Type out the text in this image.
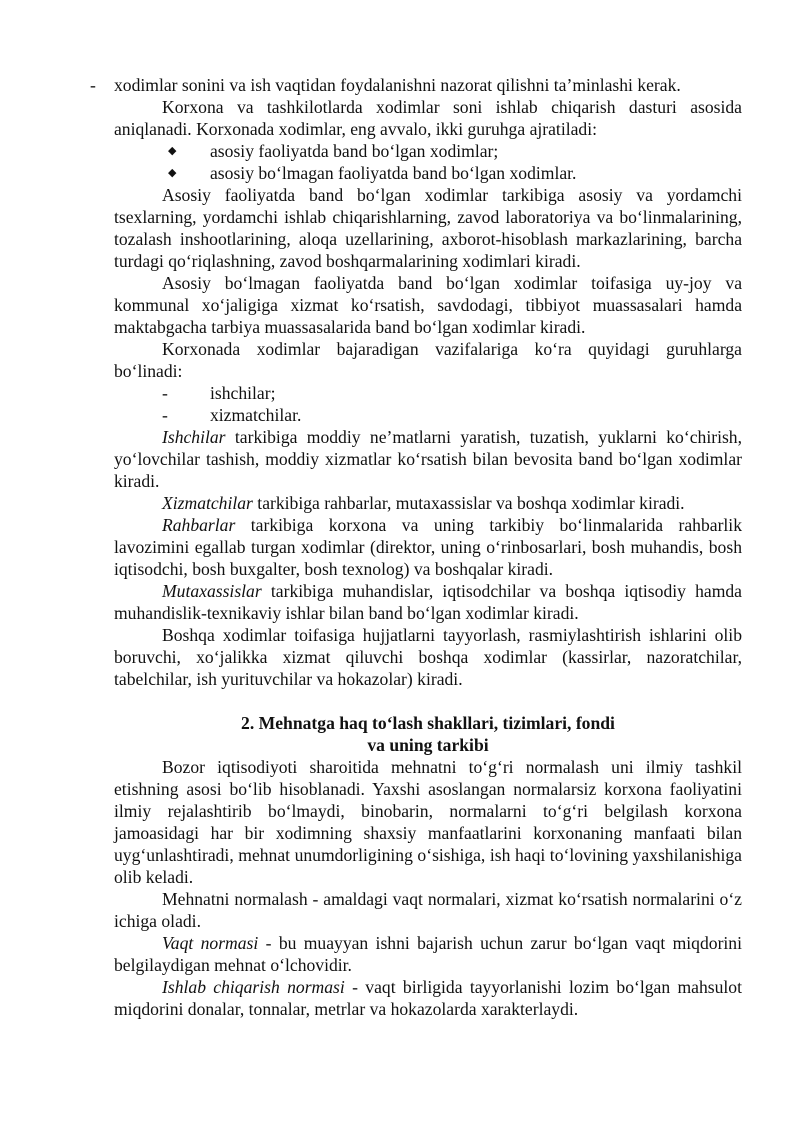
- xodimlar sonini va ish vaqtidan foydalanishni nazorat qilishni ta’minlashi kerak.

Korxona va tashkilotlarda xodimlar soni ishlab chiqarish dasturi asosida aniqlanadi. Korxonada xodimlar, eng avvalo, ikki guruhga ajratiladi:

◆ asosiy faoliyatda band bo‘lgan xodimlar;

◆ asosiy bo‘lmagan faoliyatda band bo‘lgan xodimlar.

Asosiy faoliyatda band bo‘lgan xodimlar tarkibiga asosiy va yordamchi tsexlarning, yordamchi ishlab chiqarishlarning, zavod laboratoriya va bo‘linmalarining, tozalash inshootlarining, aloqa uzellarining, axborot-hisoblash markazlarining, barcha turdagi qo‘riqlashning, zavod boshqarmalarining xodimlari kiradi.

Asosiy bo‘lmagan faoliyatda band bo‘lgan xodimlar toifasiga uy-joy va kommunal xo‘jaligiga xizmat ko‘rsatish, savdodagi, tibbiyot muassasalari hamda maktabgacha tarbiya muassasalarida band bo‘lgan xodimlar kiradi.

Korxonada xodimlar bajaradigan vazifalariga ko‘ra quyidagi guruhlarga bo‘linadi:

- ishchilar;

- xizmatchilar.

Ishchilar tarkibiga moddiy ne’matlarni yaratish, tuzatish, yuklarni ko‘chirish, yo‘lovchilar tashish, moddiy xizmatlar ko‘rsatish bilan bevosita band bo‘lgan xodimlar kiradi.

Xizmatchilar tarkibiga rahbarlar, mutaxassislar va boshqa xodimlar kiradi.

Rahbarlar tarkibiga korxona va uning tarkibiy bo‘linmalarida rahbarlik lavozimini egallab turgan xodimlar (direktor, uning o‘rinbosarlari, bosh muhandis, bosh iqtisodchi, bosh buxgalter, bosh texnolog) va boshqalar kiradi.

Mutaxassislar tarkibiga muhandislar, iqtisodchilar va boshqa iqtisodiy hamda muhandislik-texnikaviy ishlar bilan band bo‘lgan xodimlar kiradi.

Boshqa xodimlar toifasiga hujjatlarni tayyorlash, rasmiylashtirish ishlarini olib boruvchi, xo‘jalikka xizmat qiluvchi boshqa xodimlar (kassirlar, nazoratchilar, tabelchilar, ish yurituvchilar va hokazolar) kiradi.

2. Mehnatga haq to‘lash shakllari, tizimlari, fondi
va uning tarkibi

Bozor iqtisodiyoti sharoitida mehnatni to‘g‘ri normalash uni ilmiy tashkil etishning asosi bo‘lib hisoblanadi. Yaxshi asoslangan normalarsiz korxona faoliyatini ilmiy rejalashtirib bo‘lmaydi, binobarin, normalarni to‘g‘ri belgilash korxona jamoasidagi har bir xodimning shaxsiy manfaatlarini korxonaning manfaati bilan uyg‘unlashtiradi, mehnat unumdorligining o‘sishiga, ish haqi to‘lovining yaxshilanishiga olib keladi.

Mehnatni normalash - amaldagi vaqt normalari, xizmat ko‘rsatish normalarini o‘z ichiga oladi.

Vaqt normasi - bu muayyan ishni bajarish uchun zarur bo‘lgan vaqt miqdorini belgilaydigan mehnat o‘lchovidir.

Ishlab chiqarish normasi - vaqt birligida tayyorlanishi lozim bo‘lgan mahsulot miqdorini donalar, tonnalar, metrlar va hokazolarda xarakterlaydi.
